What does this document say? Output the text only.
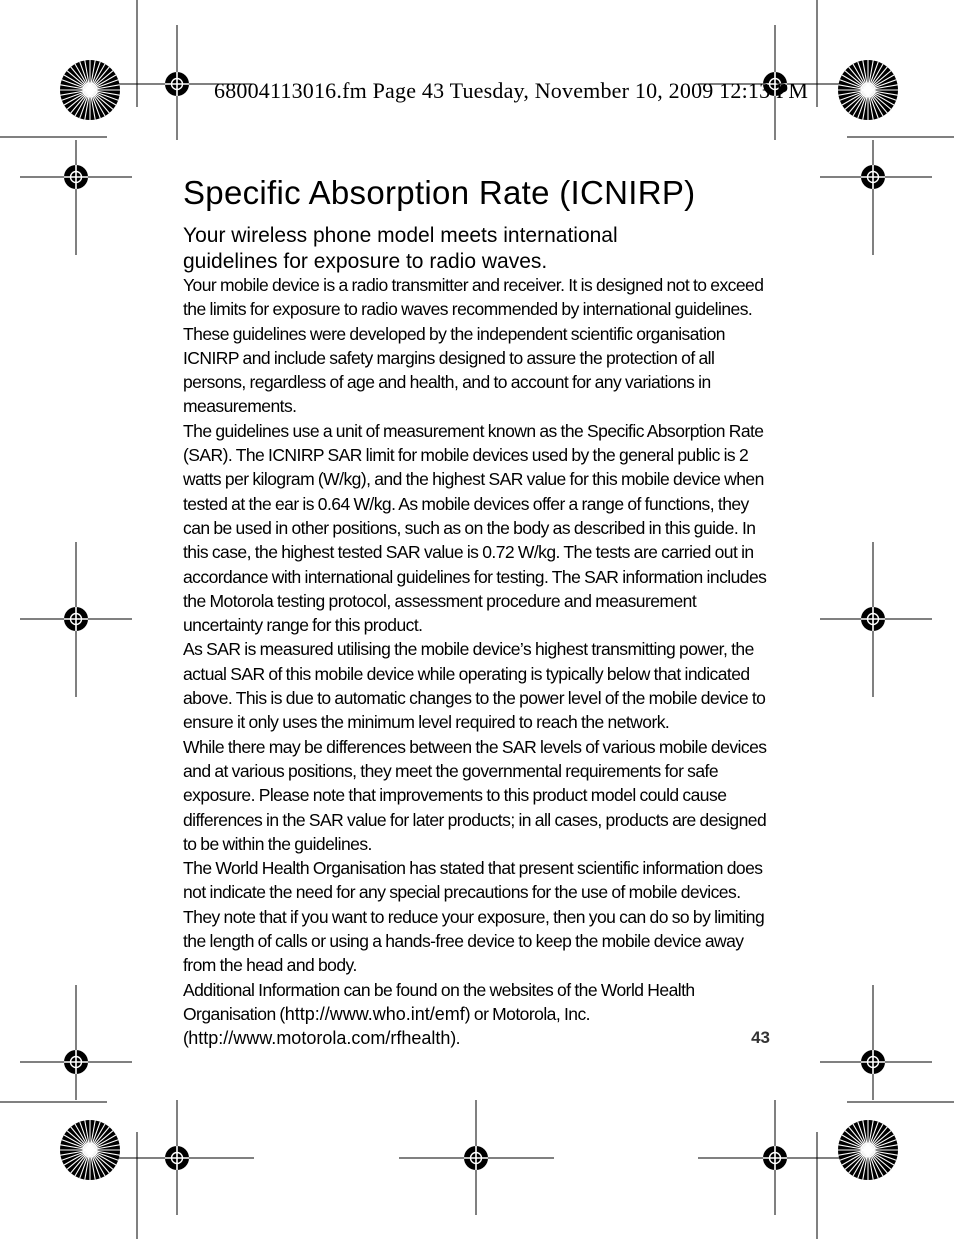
68004113016.fm Page 43 Tuesday, November 10, 2009 12:13 PM
Specific Absorption Rate (ICNIRP)
Your wireless phone model meets international guidelines for exposure to radio waves.

Your mobile device is a radio transmitter and receiver. It is designed not to exceed the limits for exposure to radio waves recommended by international guidelines. These guidelines were developed by the independent scientific organisation ICNIRP and include safety margins designed to assure the protection of all persons, regardless of age and health, and to account for any variations in measurements.

The guidelines use a unit of measurement known as the Specific Absorption Rate (SAR). The ICNIRP SAR limit for mobile devices used by the general public is 2 watts per kilogram (W/kg), and the highest SAR value for this mobile device when tested at the ear is 0.64 W/kg. As mobile devices offer a range of functions, they can be used in other positions, such as on the body as described in this guide. In this case, the highest tested SAR value is 0.72 W/kg. The tests are carried out in accordance with international guidelines for testing. The SAR information includes the Motorola testing protocol, assessment procedure and measurement uncertainty range for this product.

As SAR is measured utilising the mobile device’s highest transmitting power, the actual SAR of this mobile device while operating is typically below that indicated above. This is due to automatic changes to the power level of the mobile device to ensure it only uses the minimum level required to reach the network.

While there may be differences between the SAR levels of various mobile devices and at various positions, they meet the governmental requirements for safe exposure. Please note that improvements to this product model could cause differences in the SAR value for later products; in all cases, products are designed to be within the guidelines.

The World Health Organisation has stated that present scientific information does not indicate the need for any special precautions for the use of mobile devices. They note that if you want to reduce your exposure, then you can do so by limiting the length of calls or using a hands-free device to keep the mobile device away from the head and body.

Additional Information can be found on the websites of the World Health Organisation (http://www.who.int/emf) or Motorola, Inc. (http://www.motorola.com/rfhealth).	43
